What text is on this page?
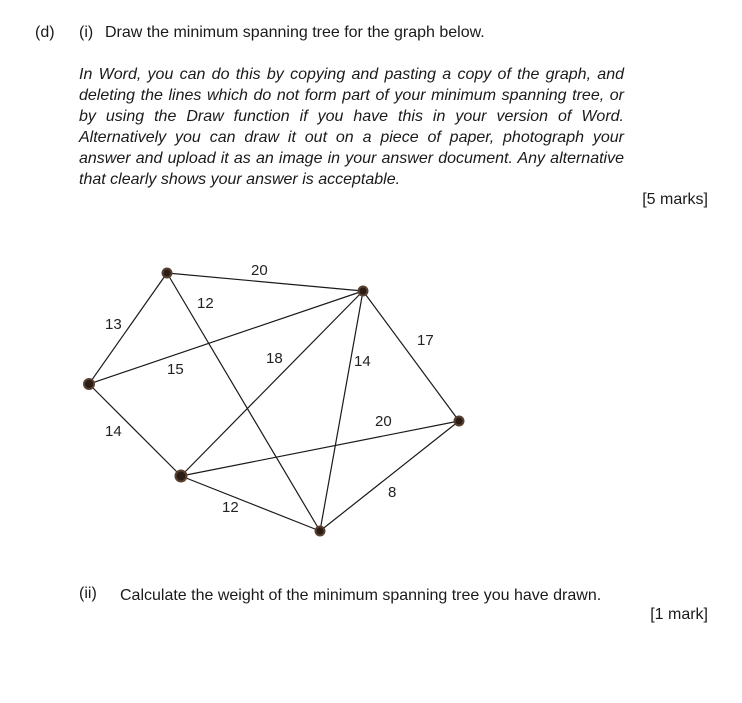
(d) (i) Draw the minimum spanning tree for the graph below.
In Word, you can do this by copying and pasting a copy of the graph, and deleting the lines which do not form part of your minimum spanning tree, or by using the Draw function if you have this in your version of Word. Alternatively you can draw it out on a piece of paper, photograph your answer and upload it as an image in your answer document. Any alternative that clearly shows your answer is acceptable.
[5 marks]
20
12
13
15
18	14
17
14
20
8
12
(ii) Calculate the weight of the minimum spanning tree you have drawn.
[1 mark]
